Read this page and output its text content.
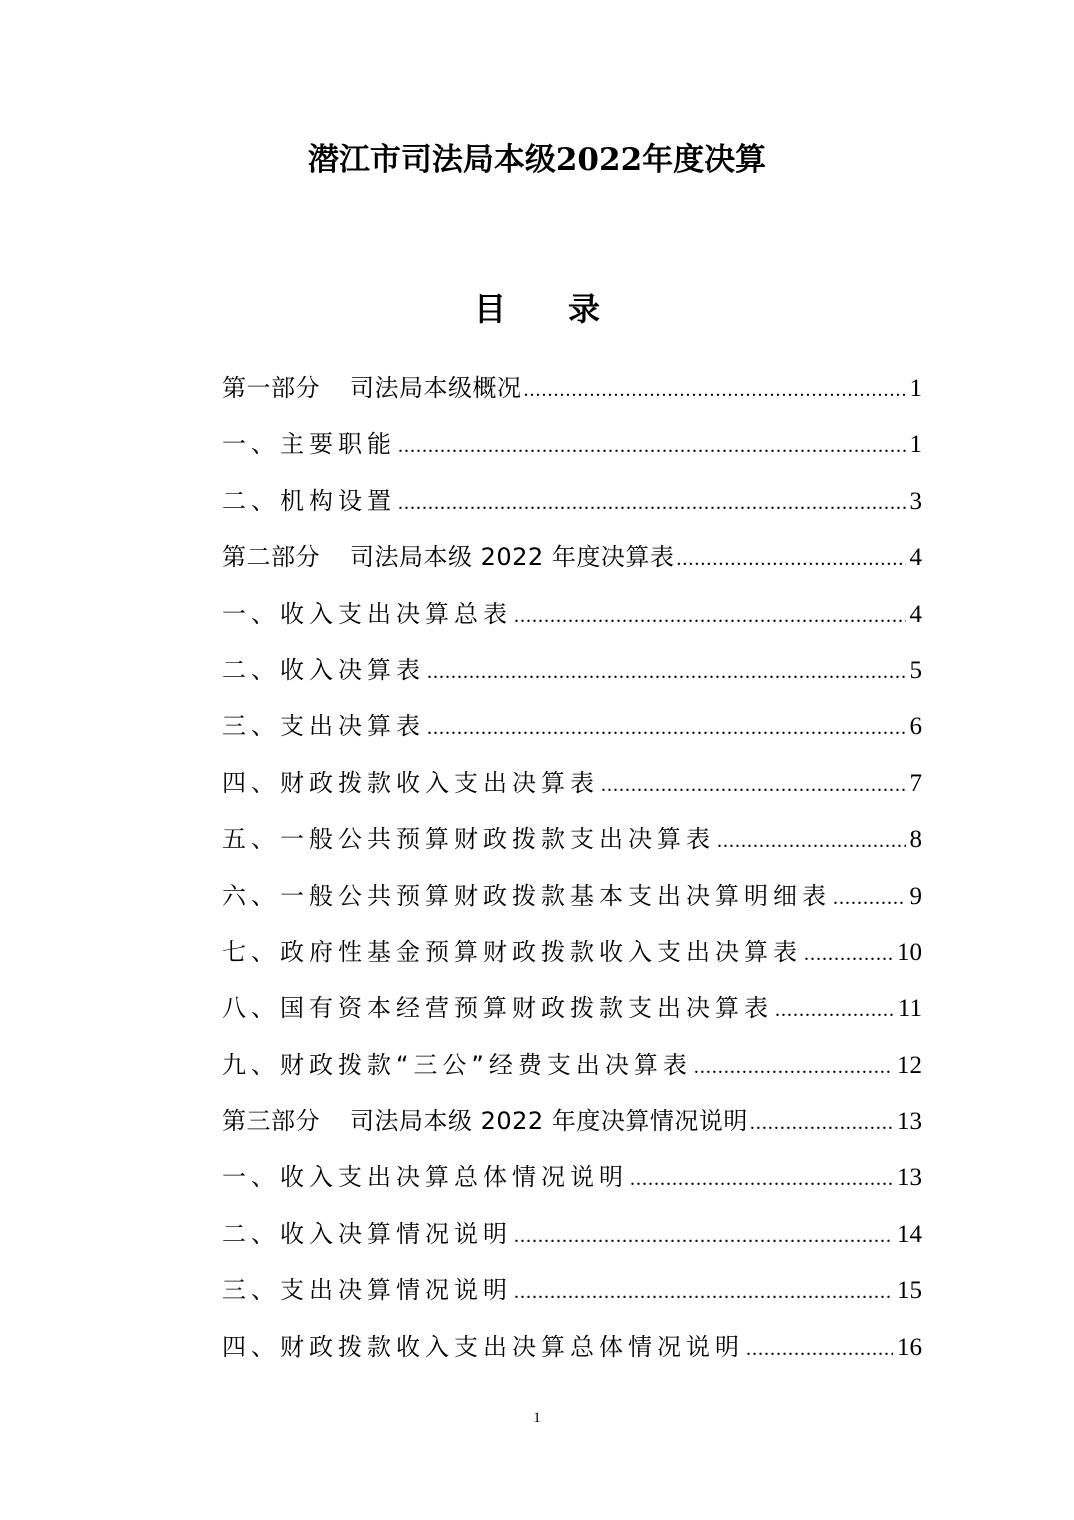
潜江市司法局本级2022年度决算
目 录
第一部分 司法局本级概况 .....	1
一、主要职能 .....	1
二、机构设置 .....	3
第二部分 司法局本级 2022 年度决算表 .....	4
一、收入支出决算总表 .....	4
二、收入决算表 .....	5
三、支出决算表 .....	6
四、财政拨款收入支出决算表 .....	7
五、一般公共预算财政拨款支出决算表 .....	8
六、一般公共预算财政拨款基本支出决算明细表 .....	9
七、政府性基金预算财政拨款收入支出决算表 .....	10
八、国有资本经营预算财政拨款支出决算表 .....	11
九、财政拨款“三公”经费支出决算表 .....	12
第三部分 司法局本级 2022 年度决算情况说明 .....	13
一、收入支出决算总体情况说明 .....	13
二、收入决算情况说明 .....	14
三、支出决算情况说明 .....	15
四、财政拨款收入支出决算总体情况说明 .....	16
1
